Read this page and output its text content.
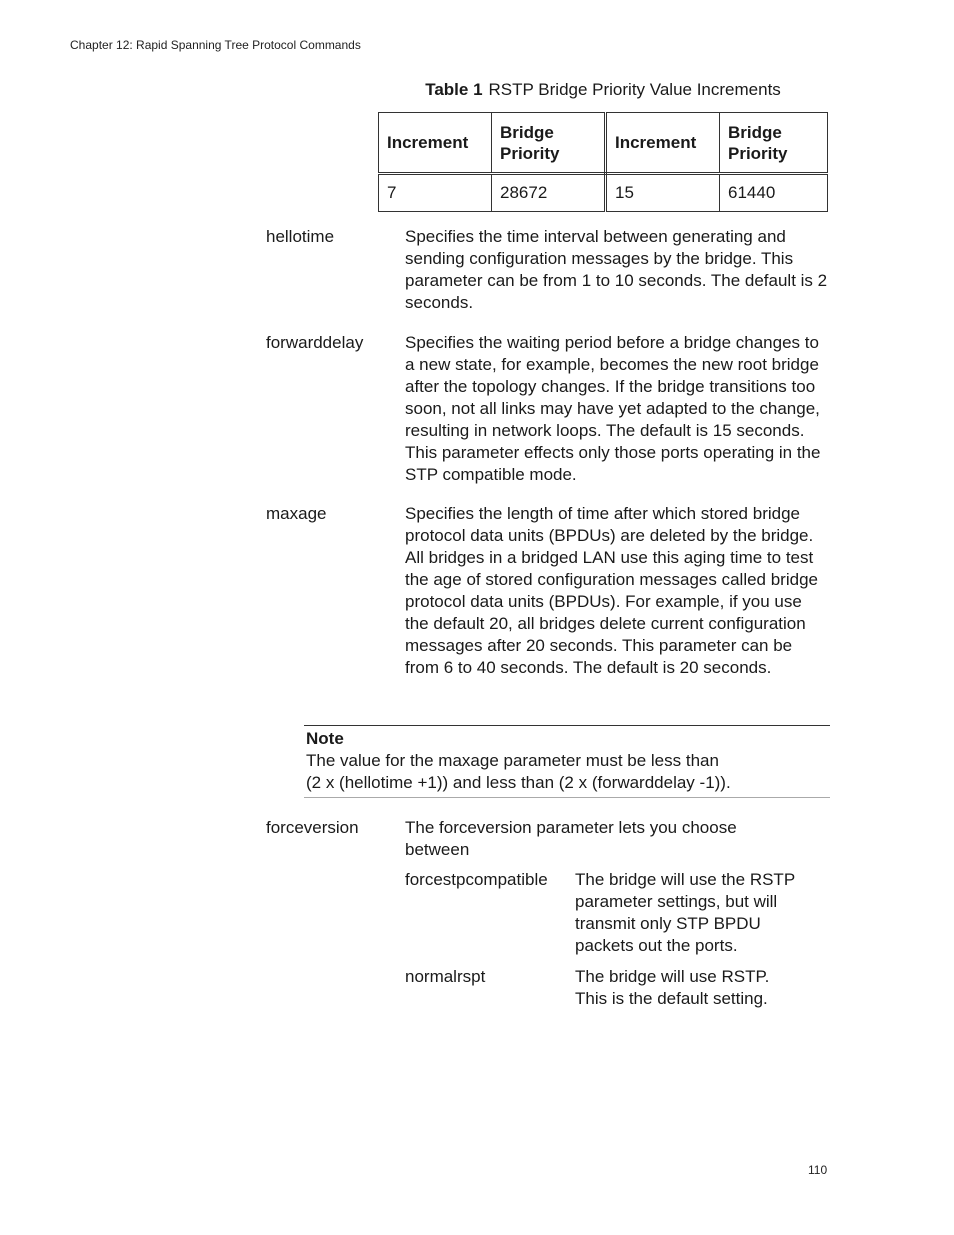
Chapter 12: Rapid Spanning Tree Protocol Commands
Table 1 RSTP Bridge Priority Value Increments
Increment	Bridge Priority	Increment	Bridge Priority
7	28672	15	61440
hellotime	Specifies the time interval between generating and sending configuration messages by the bridge. This parameter can be from 1 to 10 seconds. The default is 2 seconds.
forwarddelay Specifies the waiting period before a bridge changes to a new state, for example, becomes the new root bridge after the topology changes. If the bridge transitions too soon, not all links may have yet adapted to the change, resulting in network loops. The default is 15 seconds. This parameter effects only those ports operating in the STP compatible mode.
maxage	Specifies the length of time after which stored bridge protocol data units (BPDUs) are deleted by the bridge. All bridges in a bridged LAN use this aging time to test the age of stored configuration messages called bridge protocol data units (BPDUs). For example, if you use the default 20, all bridges delete current configuration messages after 20 seconds. This parameter can be from 6 to 40 seconds. The default is 20 seconds.
Note
The value for the maxage parameter must be less than
(2 x (hellotime +1)) and less than (2 x (forwarddelay -1)).
forceversion	The forceversion parameter lets you choose between
forcestpcompatible The bridge will use the RSTP parameter settings, but will transmit only STP BPDU packets out the ports.
normalrspt	The bridge will use RSTP. This is the default setting.
110
